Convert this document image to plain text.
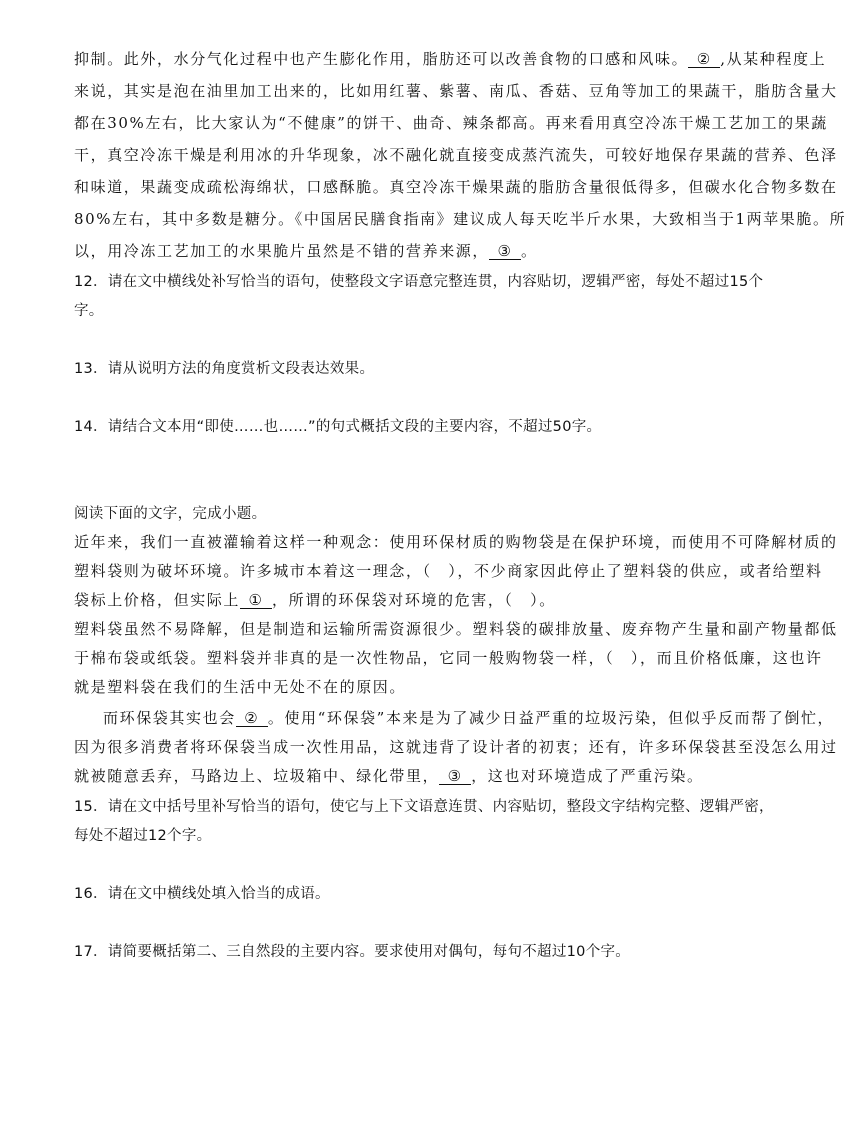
抑制。此外，水分气化过程中也产生膨化作用，脂肪还可以改善食物的口感和风味。 ② ,从某种程度上
来说，其实是泡在油里加工出来的，比如用红薯、紫薯、南瓜、香菇、豆角等加工的果蔬干，脂肪含量大
都在30%左右，比大家认为“不健康”的饼干、曲奇、辣条都高。再来看用真空冷冻干燥工艺加工的果蔬
干，真空冷冻干燥是利用冰的升华现象，冰不融化就直接变成蒸汽流失，可较好地保存果蔬的营养、色泽
和味道，果蔬变成疏松海绵状，口感酥脆。真空冷冻干燥果蔬的脂肪含量很低得多，但碳水化合物多数在
80%左右，其中多数是糖分。《中国居民膳食指南》建议成人每天吃半斤水果，大致相当于1两苹果脆。所
以，用冷冻工艺加工的水果脆片虽然是不错的营养来源， ③ 。
12．请在文中横线处补写恰当的语句，使整段文字语意完整连贯，内容贴切，逻辑严密，每处不超过15个
字。
13．请从说明方法的角度赏析文段表达效果。
14．请结合文本用“即使……也……”的句式概括文段的主要内容，不超过50字。
阅读下面的文字，完成小题。
近年来，我们一直被灌输着这样一种观念：使用环保材质的购物袋是在保护环境，而使用不可降解材质的
塑料袋则为破坏环境。许多城市本着这一理念，（　），不少商家因此停止了塑料袋的供应，或者给塑料
袋标上价格，但实际上 ① ，所谓的环保袋对环境的危害，（　）。
塑料袋虽然不易降解，但是制造和运输所需资源很少。塑料袋的碳排放量、废弃物产生量和副产物量都低
于棉布袋或纸袋。塑料袋并非真的是一次性物品，它同一般购物袋一样，（　），而且价格低廉，这也许
就是塑料袋在我们的生活中无处不在的原因。
而环保袋其实也会 ② 。使用“环保袋”本来是为了减少日益严重的垃圾污染，但似乎反而帮了倒忙，
因为很多消费者将环保袋当成一次性用品，这就违背了设计者的初衷；还有，许多环保袋甚至没怎么用过
就被随意丢弃，马路边上、垃圾箱中、绿化带里， ③ ，这也对环境造成了严重污染。
15．请在文中括号里补写恰当的语句，使它与上下文语意连贯、内容贴切，整段文字结构完整、逻辑严密，
每处不超过12个字。
16．请在文中横线处填入恰当的成语。
17．请简要概括第二、三自然段的主要内容。要求使用对偶句，每句不超过10个字。
